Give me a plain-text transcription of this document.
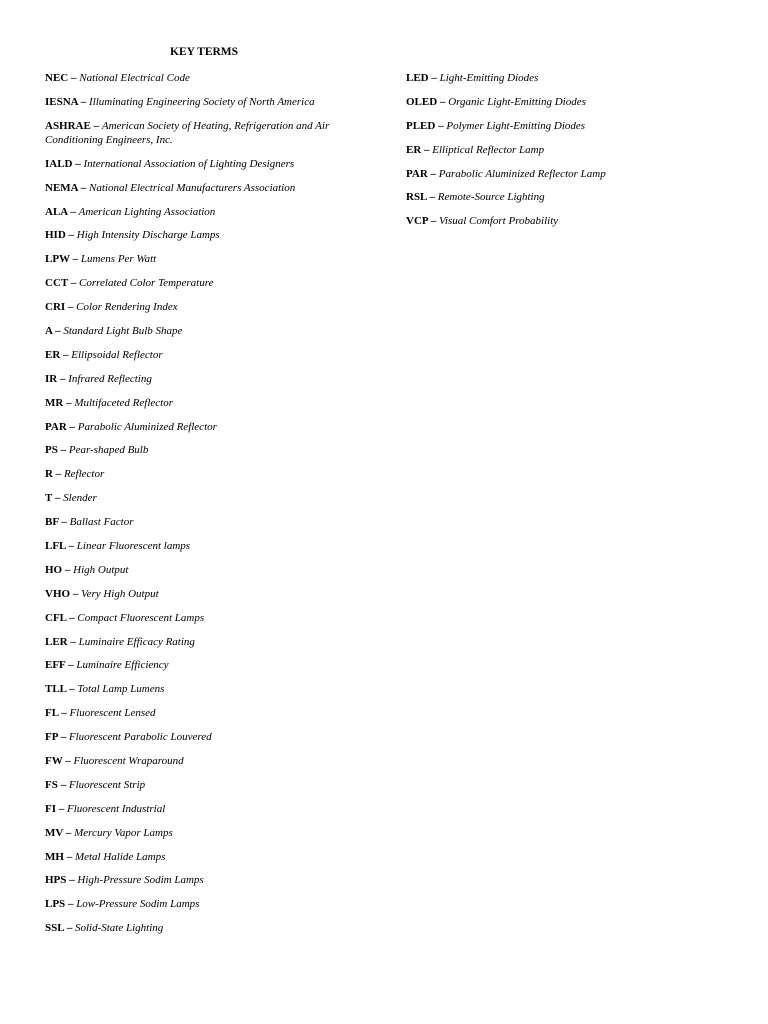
KEY TERMS
NEC – National Electrical Code
IESNA – Illuminating Engineering Society of North America
ASHRAE – American Society of Heating, Refrigeration and Air Conditioning Engineers, Inc.
IALD – International Association of Lighting Designers
NEMA – National Electrical Manufacturers Association
ALA – American Lighting Association
HID – High Intensity Discharge Lamps
LPW – Lumens Per Watt
CCT – Correlated Color Temperature
CRI – Color Rendering Index
A – Standard Light Bulb Shape
ER – Ellipsoidal Reflector
IR – Infrared Reflecting
MR – Multifaceted Reflector
PAR – Parabolic Aluminized Reflector
PS – Pear-shaped Bulb
R – Reflector
T – Slender
BF – Ballast Factor
LFL – Linear Fluorescent lamps
HO – High Output
VHO – Very High Output
CFL – Compact Fluorescent Lamps
LER – Luminaire Efficacy Rating
EFF – Luminaire Efficiency
TLL – Total Lamp Lumens
FL – Fluorescent Lensed
FP – Fluorescent Parabolic Louvered
FW – Fluorescent Wraparound
FS – Fluorescent Strip
FI – Fluorescent Industrial
MV – Mercury Vapor Lamps
MH – Metal Halide Lamps
HPS – High-Pressure Sodim Lamps
LPS – Low-Pressure Sodim Lamps
SSL – Solid-State Lighting
LED – Light-Emitting Diodes
OLED – Organic Light-Emitting Diodes
PLED – Polymer Light-Emitting Diodes
ER – Elliptical Reflector Lamp
PAR – Parabolic Aluminized Reflector Lamp
RSL – Remote-Source Lighting
VCP – Visual Comfort Probability
